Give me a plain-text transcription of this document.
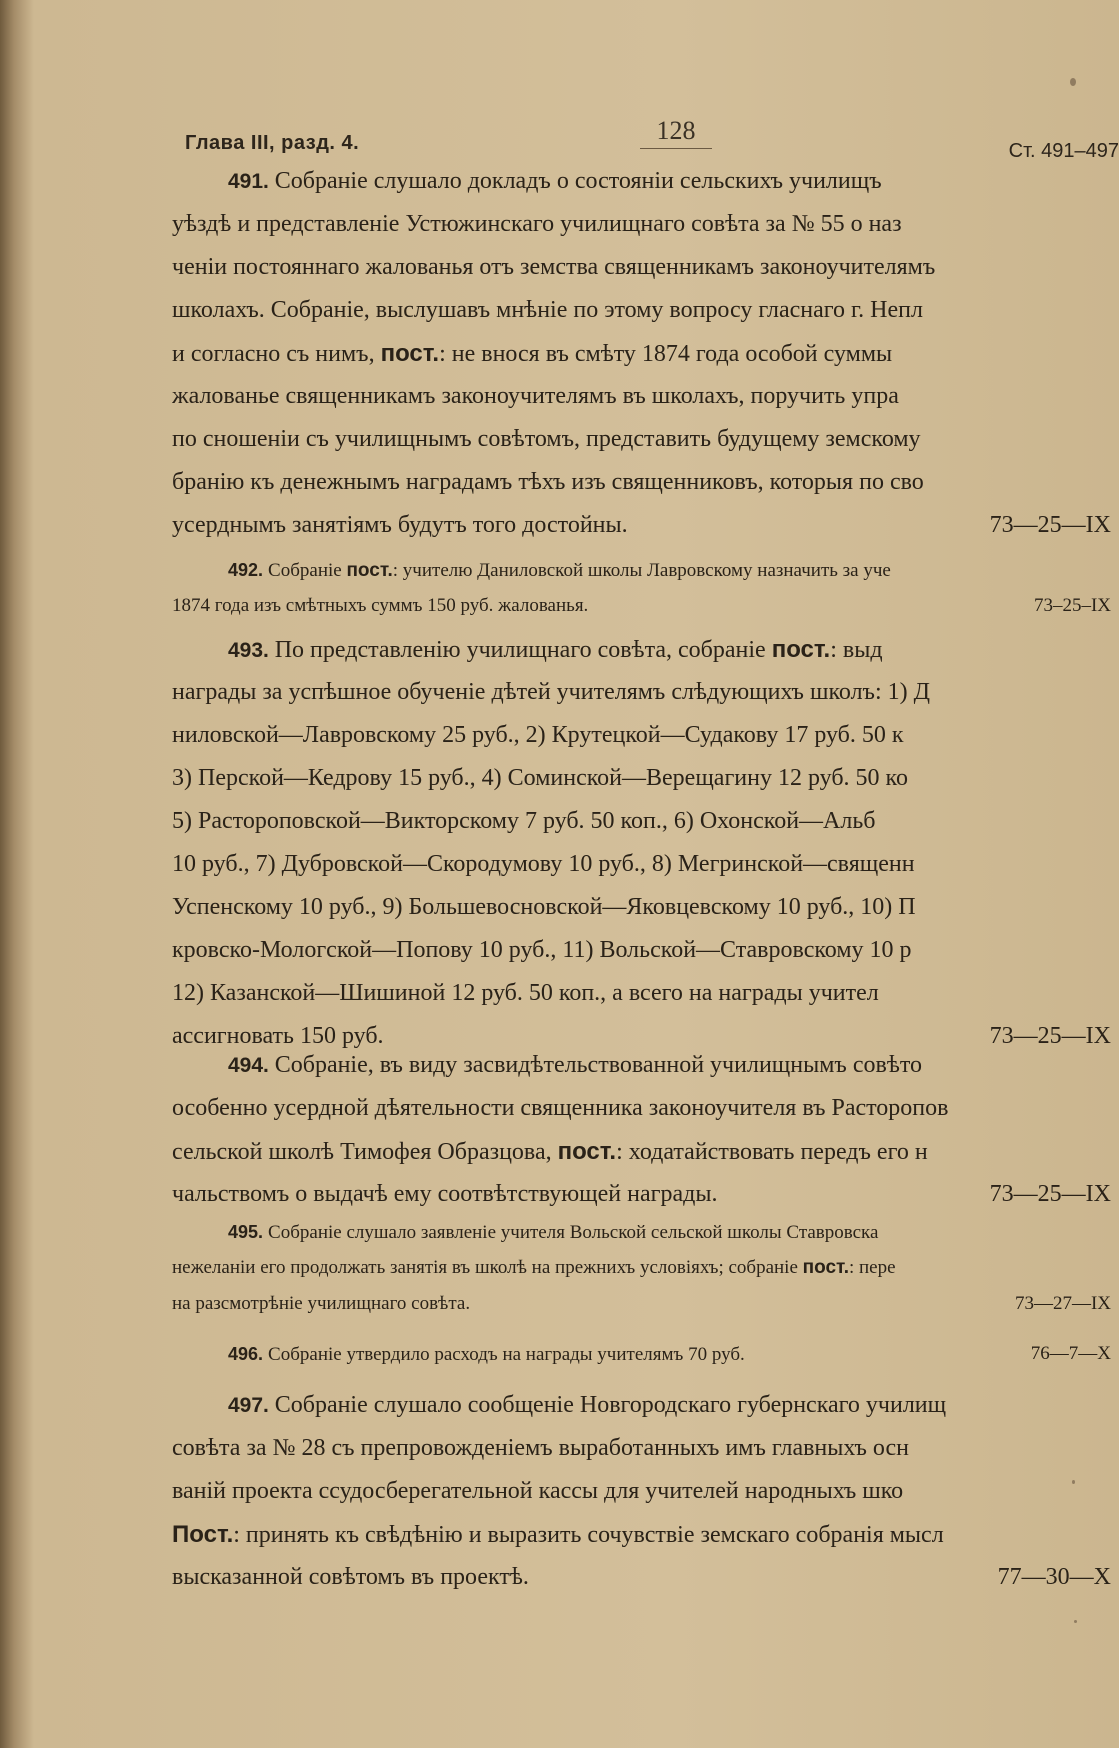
Глава III, разд. 4.	128
Ст. 491–497
491. Собраніе слушало докладъ о состояніи сельскихъ училищъ
уѣздѣ и представленіе Устюжинскаго училищнаго совѣта за № 55 о наз
ченіи постояннаго жалованья отъ земства священникамъ законоучителямъ
школахъ. Собраніе, выслушавъ мнѣніе по этому вопросу гласнаго г. Непл
и согласно съ нимъ, пост.: не внося въ смѣту 1874 года особой суммы
жалованье священникамъ законоучителямъ въ школахъ, поручить упра
по сношеніи съ училищнымъ совѣтомъ, представить будущему земскому
бранію къ денежнымъ наградамъ тѣхъ изъ священниковъ, которыя по сво
73—25—IX
усерднымъ занятіямъ будутъ того достойны.
492. Собраніе пост.: учителю Даниловской школы Лавровскому назначить за уче
73–25–IX
1874 года изъ смѣтныхъ суммъ 150 руб. жалованья.
493. По представленію училищнаго совѣта, собраніе пост.: выд
награды за успѣшное обученіе дѣтей учителямъ слѣдующихъ школъ: 1) Д
ниловской—Лавровскому 25 руб., 2) Крутецкой—Судакову 17 руб. 50 к
3) Перской—Кедрову 15 руб., 4) Соминской—Верещагину 12 руб. 50 ко
5) Растороповской—Викторскому 7 руб. 50 коп., 6) Охонской—Альб
10 руб., 7) Дубровской—Скородумову 10 руб., 8) Мегринской—священн
Успенскому 10 руб., 9) Большевосновской—Яковцевскому 10 руб., 10) П
кровско-Мологской—Попову 10 руб., 11) Вольской—Ставровскому 10 р
12) Казанской—Шишиной 12 руб. 50 коп., а всего на награды учител
73—25—IX
ассигновать 150 руб.
494. Собраніе, въ виду засвидѣтельствованной училищнымъ совѣто
особенно усердной дѣятельности священника законоучителя въ Расторопов
сельской школѣ Тимофея Образцова, пост.: ходатайствовать передъ его н
73—25—IX
чальствомъ о выдачѣ ему соотвѣтствующей награды.
495. Собраніе слушало заявленіе учителя Вольской сельской школы Ставровска
нежеланіи его продолжать занятія въ школѣ на прежнихъ условіяхъ; собраніе пост.: пере
73—27—IX
на разсмотрѣніе училищнаго совѣта.
76—7—X
496. Собраніе утвердило расходъ на награды учителямъ 70 руб.
497. Собраніе слушало сообщеніе Новгородскаго губернскаго училищ
совѣта за № 28 съ препровожденіемъ выработанныхъ имъ главныхъ осн
ваній проекта ссудосберегательной кассы для учителей народныхъ шко
Пост.: принять къ свѣдѣнію и выразить сочувствіе земскаго собранія мысл
77—30—X
высказанной совѣтомъ въ проектѣ.
